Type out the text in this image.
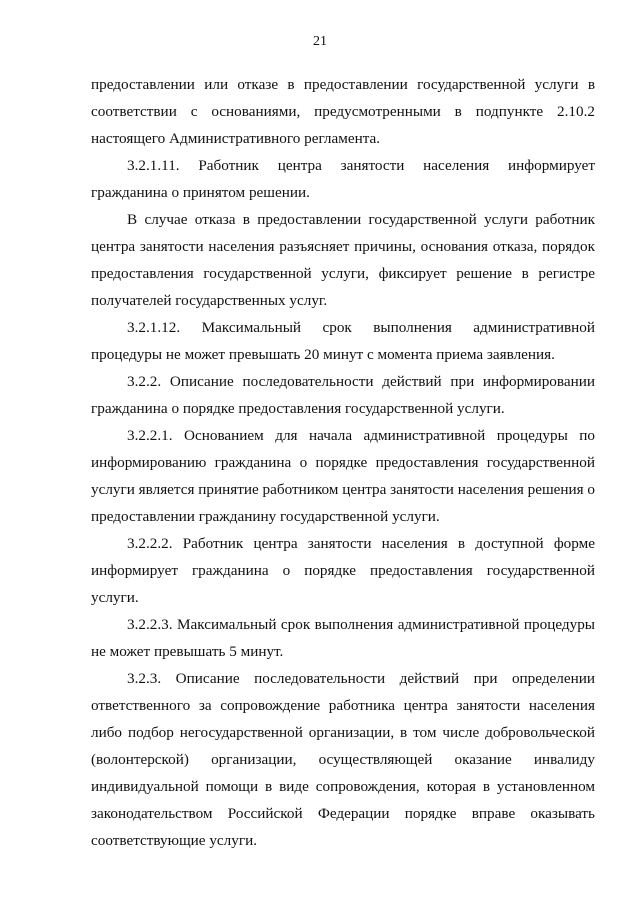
21

предоставлении или отказе в предоставлении государственной услуги в соответствии с основаниями, предусмотренными в подпункте 2.10.2 настоящего Административного регламента.

3.2.1.11. Работник центра занятости населения информирует гражданина о принятом решении.

В случае отказа в предоставлении государственной услуги работник центра занятости населения разъясняет причины, основания отказа, порядок предоставления государственной услуги, фиксирует решение в регистре получателей государственных услуг.

3.2.1.12. Максимальный срок выполнения административной процедуры не может превышать 20 минут с момента приема заявления.

3.2.2. Описание последовательности действий при информировании гражданина о порядке предоставления государственной услуги.

3.2.2.1. Основанием для начала административной процедуры по информированию гражданина о порядке предоставления государственной услуги является принятие работником центра занятости населения решения о предоставлении гражданину государственной услуги.

3.2.2.2. Работник центра занятости населения в доступной форме информирует гражданина о порядке предоставления государственной услуги.

3.2.2.3. Максимальный срок выполнения административной процедуры не может превышать 5 минут.

3.2.3. Описание последовательности действий при определении ответственного за сопровождение работника центра занятости населения либо подбор негосударственной организации, в том числе добровольческой (волонтерской) организации, осуществляющей оказание инвалиду индивидуальной помощи в виде сопровождения, которая в установленном законодательством Российской Федерации порядке вправе оказывать соответствующие услуги.
